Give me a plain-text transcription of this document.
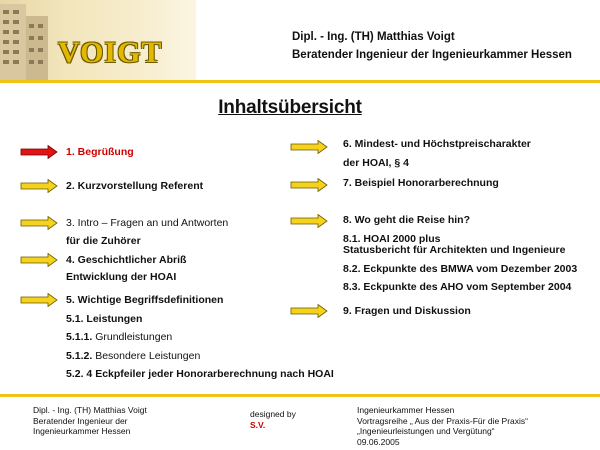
VOIGT	Dipl. - Ing. (TH) Matthias Voigt
Beratender Ingenieur der Ingenieurkammer Hessen
Inhaltsübersicht
1. Begrüßung
2. Kurzvorstellung Referent
3. Intro – Fragen an und Antworten
für die Zuhörer
4. Geschichtlicher Abriß
Entwicklung der HOAI
5. Wichtige Begriffsdefinitionen
5.1. Leistungen
5.1.1. Grundleistungen
5.1.2. Besondere Leistungen
5.2. 4 Eckpfeiler jeder Honorarberechnung nach HOAI
6. Mindest- und Höchstpreischarakter
der HOAI, § 4
7. Beispiel Honorarberechnung
8. Wo geht die Reise hin?
8.1. HOAI 2000 plus
Statusbericht für Architekten und Ingenieure
8.2. Eckpunkte des BMWA vom Dezember 2003
8.3. Eckpunkte des AHO vom September 2004
9. Fragen und Diskussion
Dipl. - Ing. (TH) Matthias Voigt
Beratender Ingenieur der
Ingenieurkammer Hessen
designed by
S.V.
Ingenieurkammer Hessen
Vortragsreihe „ Aus der Praxis-Für die Praxis“
„Ingenieurleistungen und Vergütung“
09.06.2005
